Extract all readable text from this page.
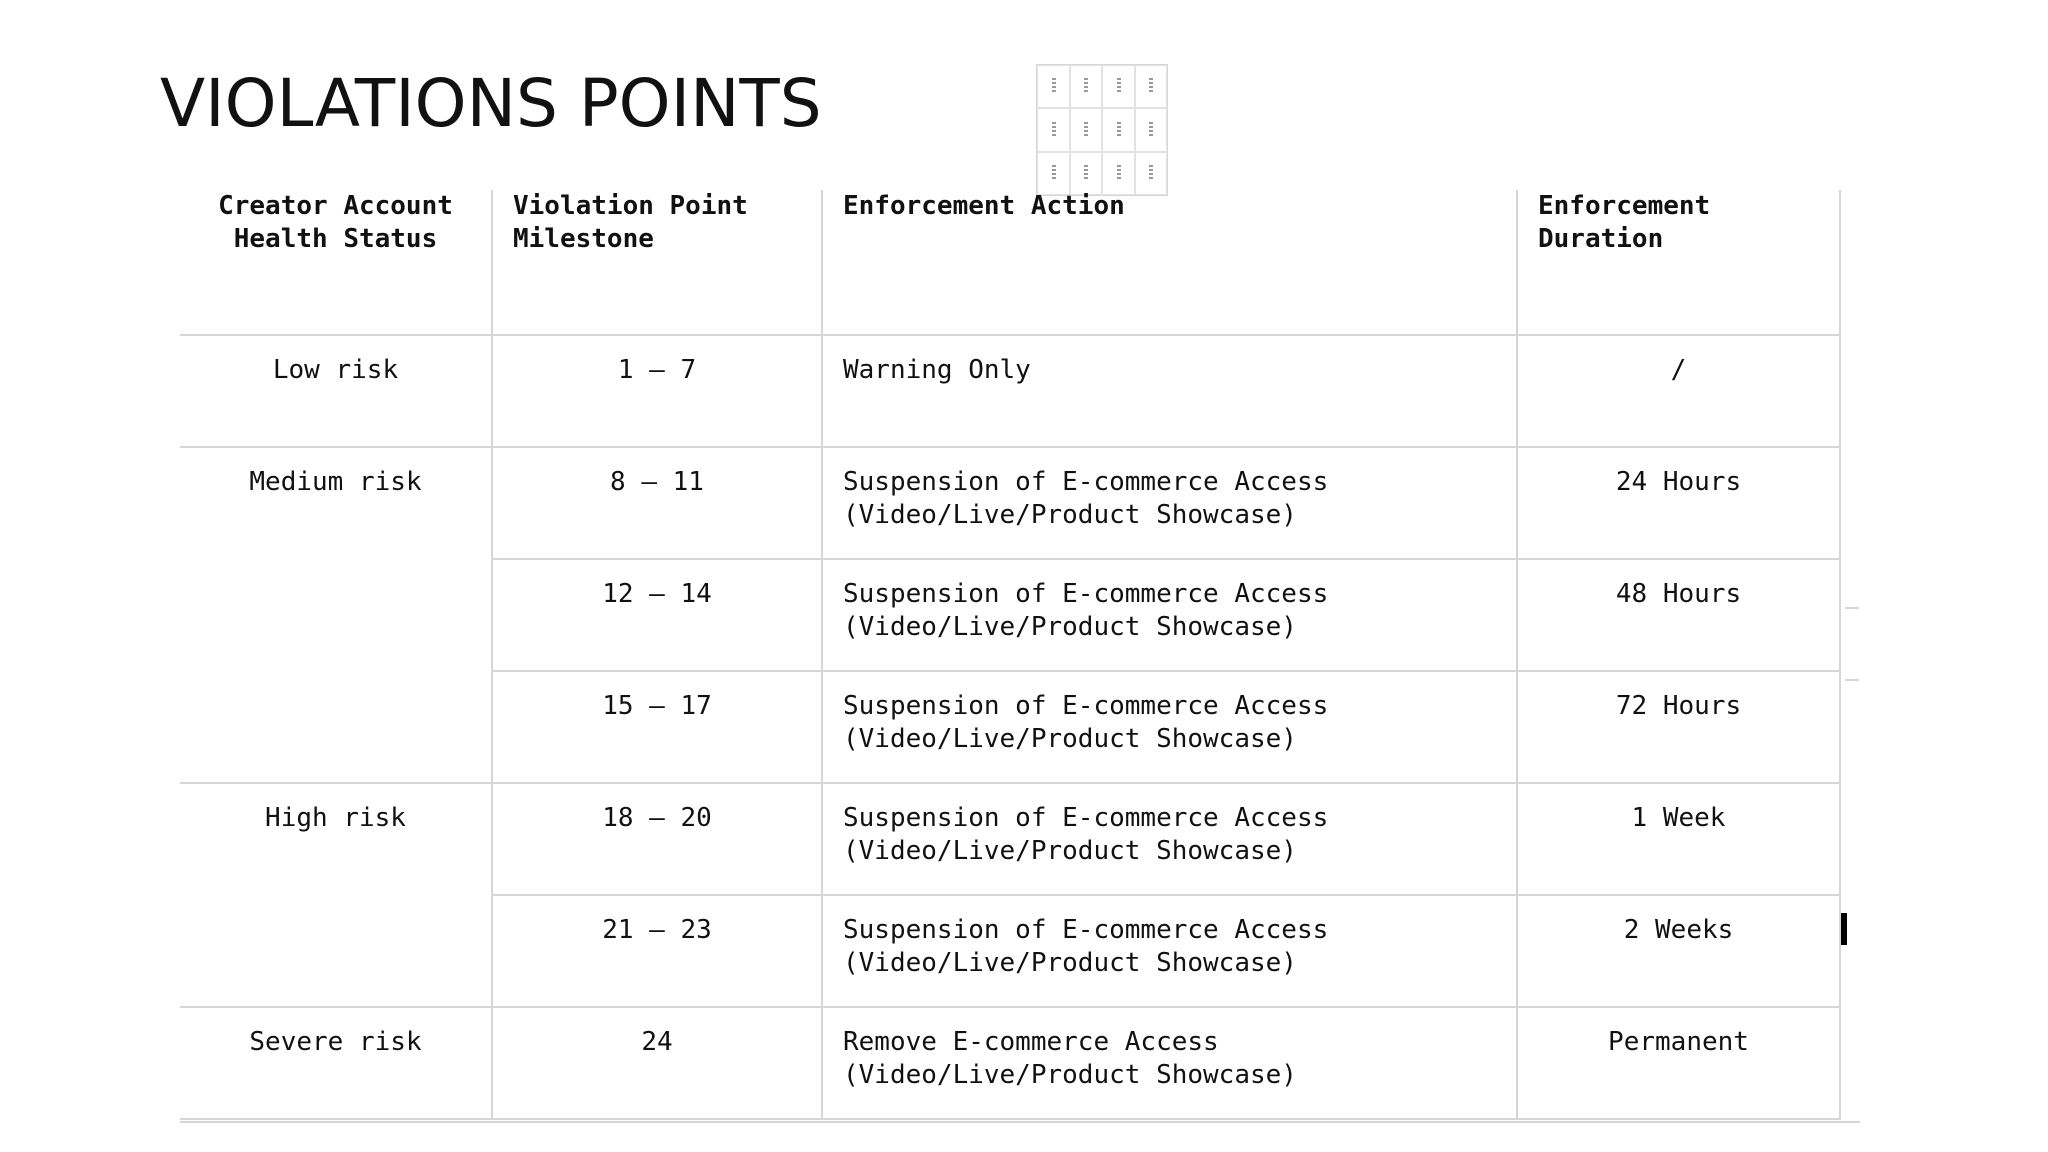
VIOLATIONS POINTS
Creator Account Health Status	Violation Point Milestone	Enforcement Action	Enforcement Duration
Low risk	1 – 7	Warning Only	/
Medium risk	8 – 11	Suspension of E-commerce Access (Video/Live/Product Showcase)	24 Hours
	12 – 14	Suspension of E-commerce Access (Video/Live/Product Showcase)	48 Hours
	15 – 17	Suspension of E-commerce Access (Video/Live/Product Showcase)	72 Hours
High risk	18 – 20	Suspension of E-commerce Access (Video/Live/Product Showcase)	1 Week
	21 – 23	Suspension of E-commerce Access (Video/Live/Product Showcase)	2 Weeks
Severe risk	24	Remove E-commerce Access (Video/Live/Product Showcase)	Permanent
